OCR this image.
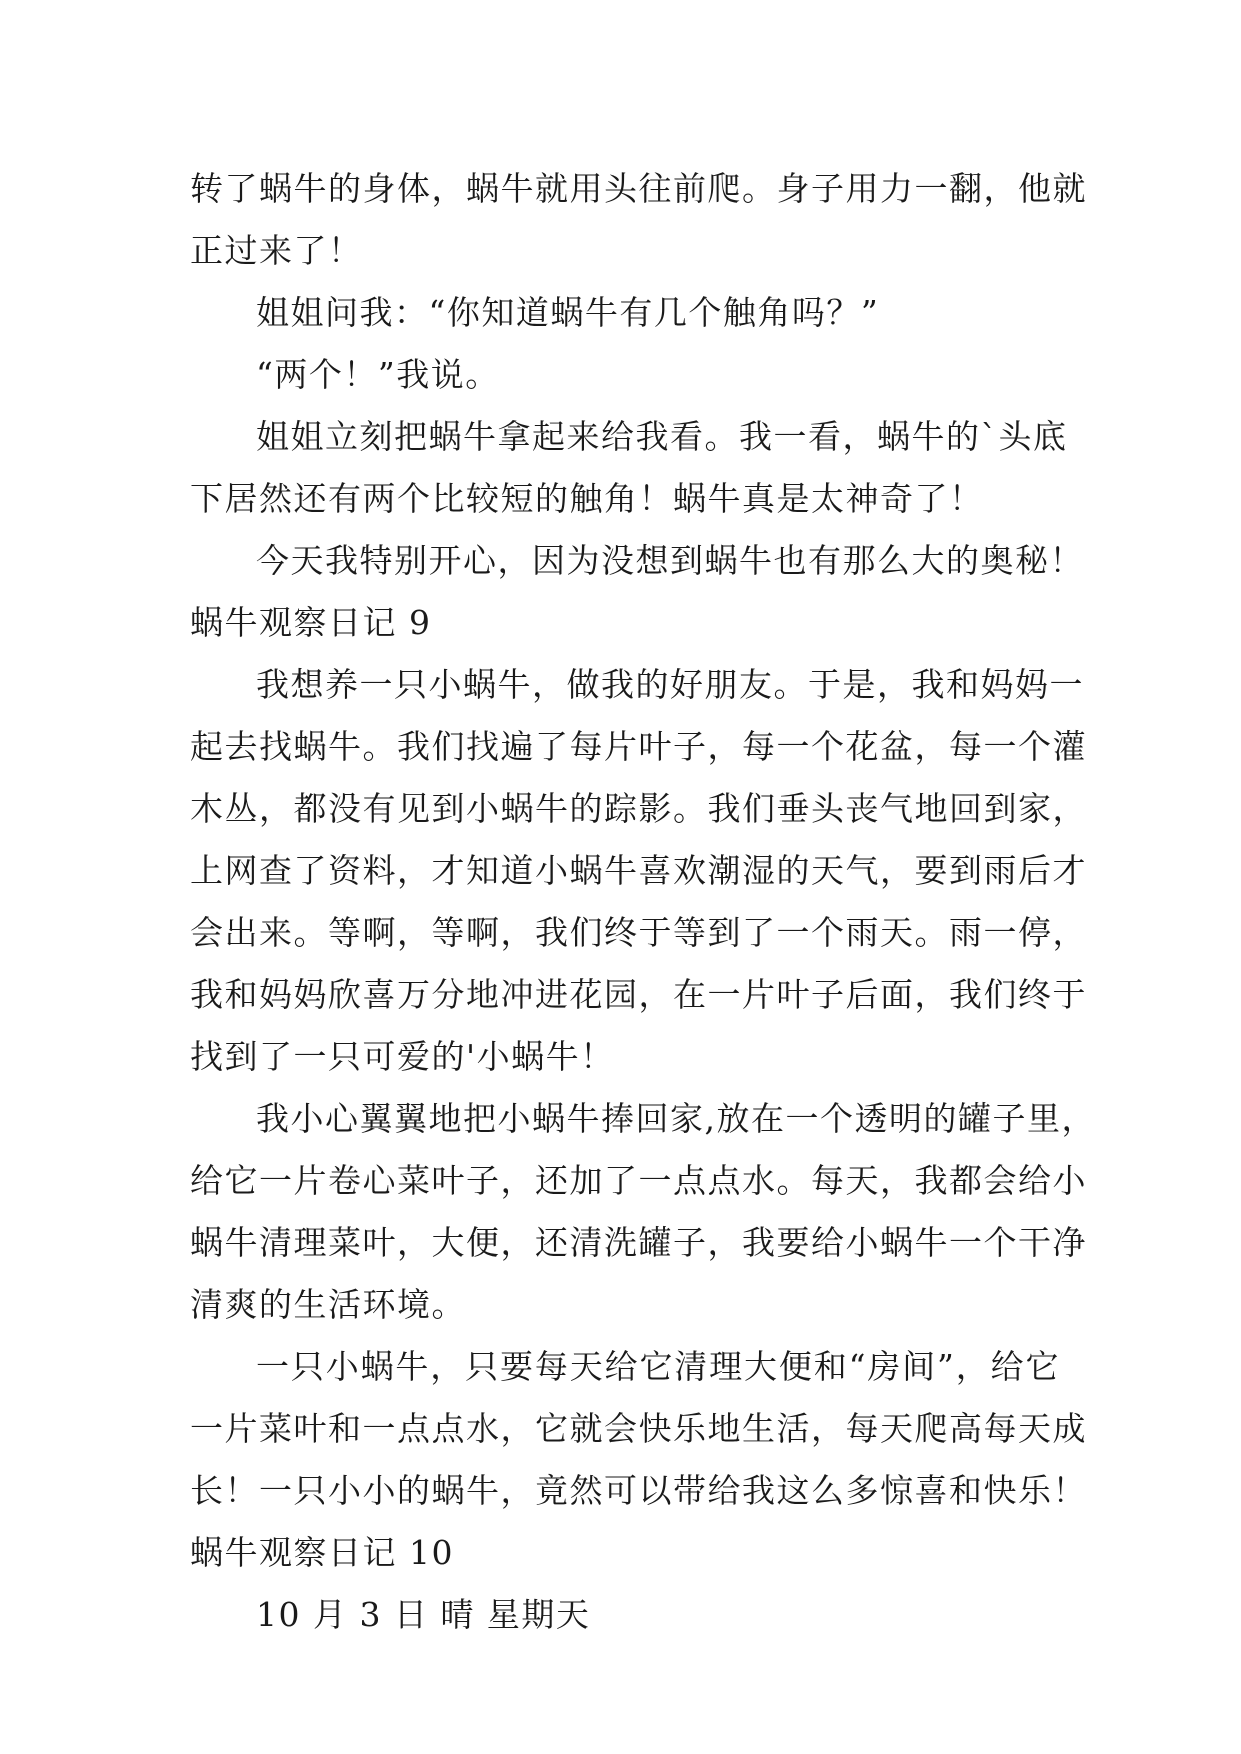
转了蜗牛的身体，蜗牛就用头往前爬。身子用力一翻，他就
正过来了！
姐姐问我：“你知道蜗牛有几个触角吗？”
“两个！”我说。
姐姐立刻把蜗牛拿起来给我看。我一看，蜗牛的`头底
下居然还有两个比较短的触角！蜗牛真是太神奇了！
今天我特别开心，因为没想到蜗牛也有那么大的奥秘！
蜗牛观察日记 9
我想养一只小蜗牛，做我的好朋友。于是，我和妈妈一
起去找蜗牛。我们找遍了每片叶子，每一个花盆，每一个灌
木丛，都没有见到小蜗牛的踪影。我们垂头丧气地回到家，
上网查了资料，才知道小蜗牛喜欢潮湿的天气，要到雨后才
会出来。等啊，等啊，我们终于等到了一个雨天。雨一停，
我和妈妈欣喜万分地冲进花园，在一片叶子后面，我们终于
找到了一只可爱的'小蜗牛！
我小心翼翼地把小蜗牛捧回家,放在一个透明的罐子里，
给它一片卷心菜叶子，还加了一点点水。每天，我都会给小
蜗牛清理菜叶，大便，还清洗罐子，我要给小蜗牛一个干净
清爽的生活环境。
一只小蜗牛，只要每天给它清理大便和“房间”，给它
一片菜叶和一点点水，它就会快乐地生活，每天爬高每天成
长！一只小小的蜗牛，竟然可以带给我这么多惊喜和快乐！
蜗牛观察日记 10
10 月 3 日 晴 星期天
